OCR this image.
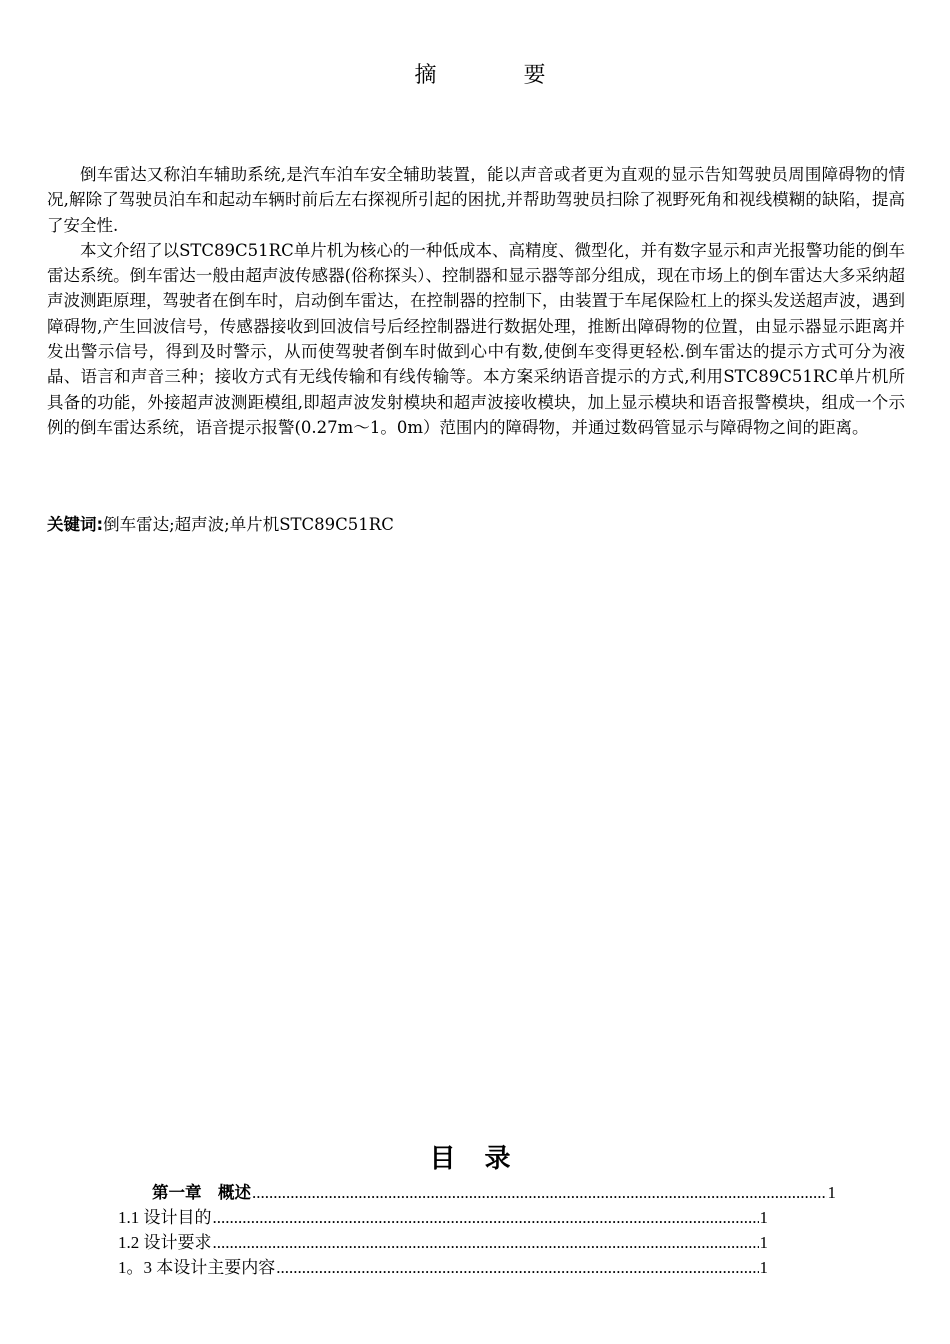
摘 要

倒车雷达又称泊车辅助系统,是汽车泊车安全辅助装置，能以声音或者更为直观的显示告知驾驶员周围障碍物的情况,解除了驾驶员泊车和起动车辆时前后左右探视所引起的困扰,并帮助驾驶员扫除了视野死角和视线模糊的缺陷，提高了安全性.

本文介绍了以STC89C51RC单片机为核心的一种低成本、高精度、微型化，并有数字显示和声光报警功能的倒车雷达系统。倒车雷达一般由超声波传感器(俗称探头）、控制器和显示器等部分组成，现在市场上的倒车雷达大多采纳超声波测距原理，驾驶者在倒车时，启动倒车雷达，在控制器的控制下，由装置于车尾保险杠上的探头发送超声波，遇到障碍物,产生回波信号，传感器接收到回波信号后经控制器进行数据处理，推断出障碍物的位置，由显示器显示距离并发出警示信号，得到及时警示，从而使驾驶者倒车时做到心中有数,使倒车变得更轻松.倒车雷达的提示方式可分为液晶、语言和声音三种；接收方式有无线传输和有线传输等。本方案采纳语音提示的方式,利用STC89C51RC单片机所具备的功能，外接超声波测距模组,即超声波发射模块和超声波接收模块，加上显示模块和语音报警模块，组成一个示例的倒车雷达系统，语音提示报警(0.27m～1。0m）范围内的障碍物，并通过数码管显示与障碍物之间的距离。

关键词:倒车雷达;超声波;单片机STC89C51RC
目 录
第一章　概述 .....	1
1.1 设计目的 .....	1
1.2 设计要求 .....	1
1。3 本设计主要内容 .....	1
